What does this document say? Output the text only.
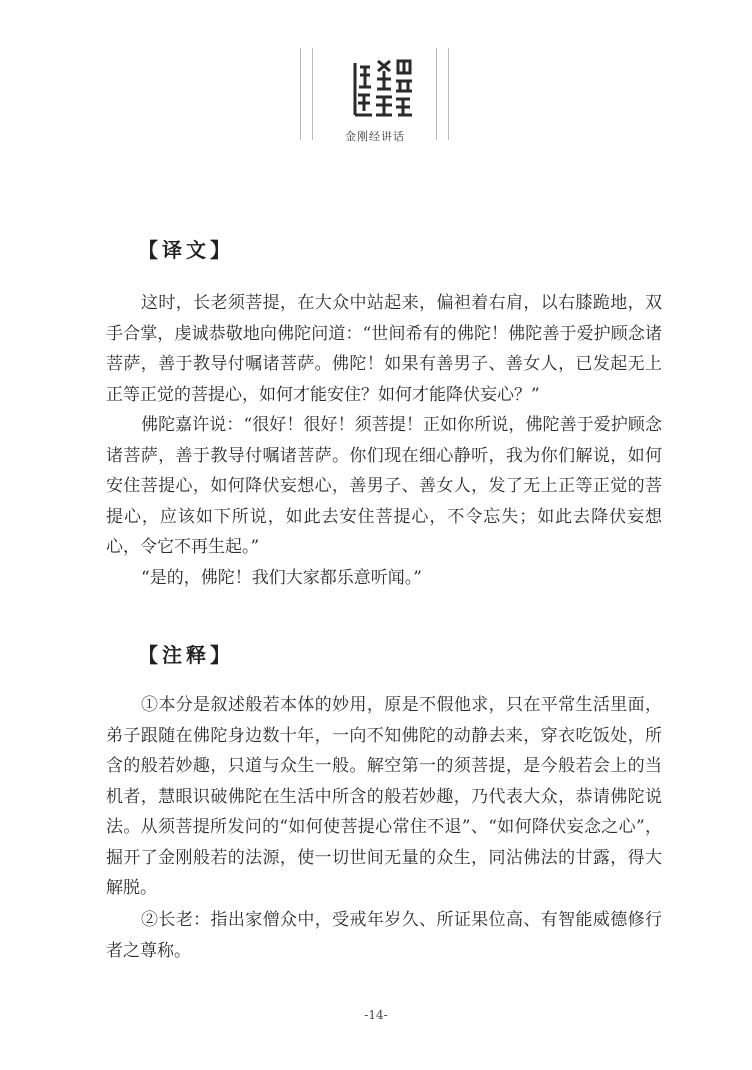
金刚经讲话
【译文】

这时，长老须菩提，在大众中站起来，偏袒着右肩，以右膝跪地，双手合掌，虔诚恭敬地向佛陀问道：“世间希有的佛陀！佛陀善于爱护顾念诸菩萨，善于教导付嘱诸菩萨。佛陀！如果有善男子、善女人，已发起无上正等正觉的菩提心，如何才能安住？如何才能降伏妄心？”

佛陀嘉许说：“很好！很好！须菩提！正如你所说，佛陀善于爱护顾念诸菩萨，善于教导付嘱诸菩萨。你们现在细心静听，我为你们解说，如何安住菩提心，如何降伏妄想心，善男子、善女人，发了无上正等正觉的菩提心，应该如下所说，如此去安住菩提心，不令忘失；如此去降伏妄想心，令它不再生起。”

“是的，佛陀！我们大家都乐意听闻。”

【注释】

①本分是叙述般若本体的妙用，原是不假他求，只在平常生活里面，弟子跟随在佛陀身边数十年，一向不知佛陀的动静去来，穿衣吃饭处，所含的般若妙趣，只道与众生一般。解空第一的须菩提，是今般若会上的当机者，慧眼识破佛陀在生活中所含的般若妙趣，乃代表大众，恭请佛陀说法。从须菩提所发问的“如何使菩提心常住不退”、“如何降伏妄念之心”，掘开了金刚般若的法源，使一切世间无量的众生，同沾佛法的甘露，得大解脱。

②长老：指出家僧众中，受戒年岁久、所证果位高、有智能威德修行者之尊称。

-14-
